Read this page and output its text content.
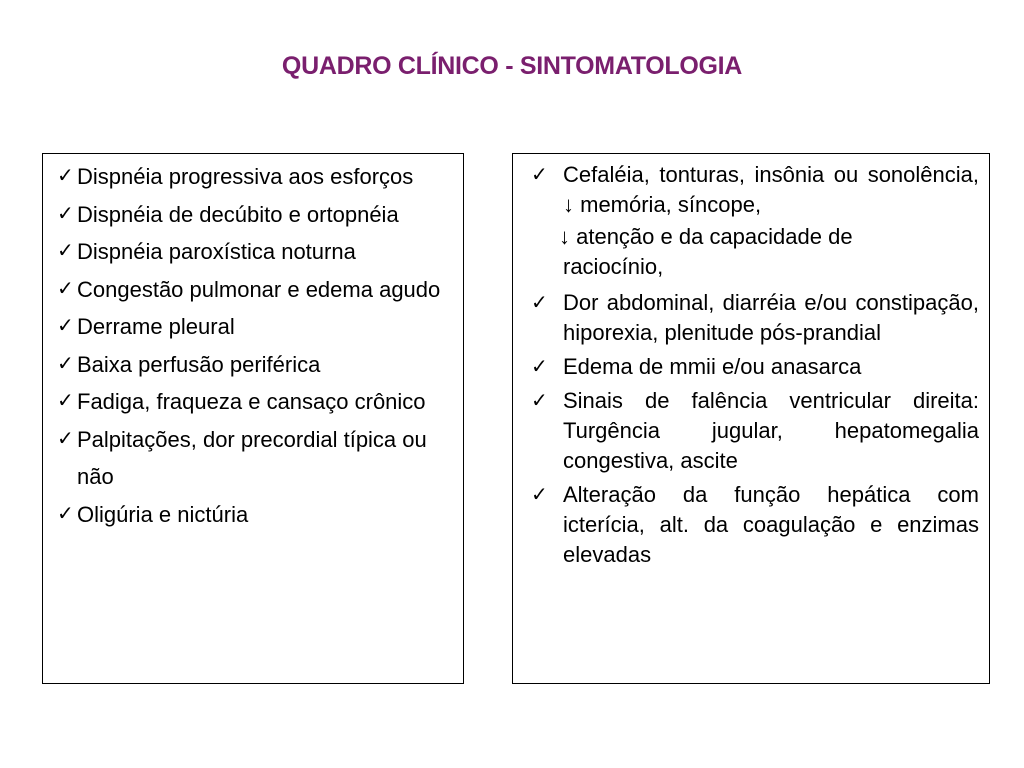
QUADRO CLÍNICO - SINTOMATOLOGIA
✓ Dispnéia progressiva aos esforços
✓ Dispnéia de decúbito e ortopnéia
✓ Dispnéia paroxística noturna
✓ Congestão pulmonar e edema agudo
✓ Derrame pleural
✓ Baixa perfusão periférica
✓ Fadiga, fraqueza e cansaço crônico
✓ Palpitações, dor precordial típica ou não
✓ Oligúria e nictúria
✓ Cefaléia, tonturas, insônia ou sonolência, ↓ memória, síncope,
↓ atenção e da capacidade de
raciocínio,
✓ Dor abdominal, diarréia e/ou constipação, hiporexia, plenitude pós-prandial
✓ Edema de mmii e/ou anasarca
✓ Sinais de falência ventricular direita: Turgência jugular, hepatomegalia congestiva, ascite
✓ Alteração da função hepática com icterícia, alt. da coagulação e enzimas elevadas
